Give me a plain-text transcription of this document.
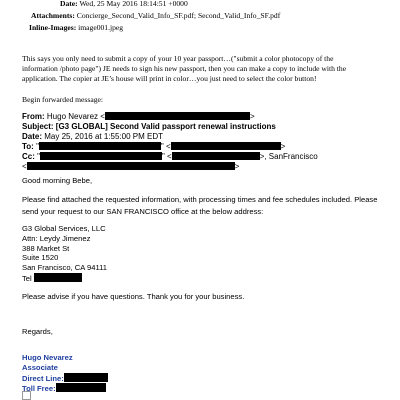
Date: Wed, 25 May 2016 18:14:51 +0000
Attachments: Concierge_Second_Valid_Info_SF.pdf; Second_Valid_Info_SF.pdf
Inline-Images: image001.jpeg
This says you only need to submit a copy of your 10 year passport…("submit a color photocopy of the
information /photo page") JE needs to sign his new passport, then you can make a copy to include with the
application. The copier at JE’s house will print in color…you just need to select the color button!
Begin forwarded message:
From: Hugo Nevarez <	>
Subject: [G3 GLOBAL] Second Valid passport renewal instructions
Date: May 25, 2016 at 1:55:00 PM EDT
To: "	" <	>
Cc: "	" <	>, SanFrancisco
<	>
Good morning Bebe,
Please find attached the requested information, with processing times and fee schedules included. Please
send your request to our SAN FRANCISCO office at the below address:
G3 Global Services, LLC
Attn: Leydy Jimenez
388 Market St
Suite 1520
San Francisco, CA 94111
Tel
Please advise if you have questions. Thank you for your business.
Regards,
Hugo Nevarez
Associate
Direct Line:
Toll Free:
